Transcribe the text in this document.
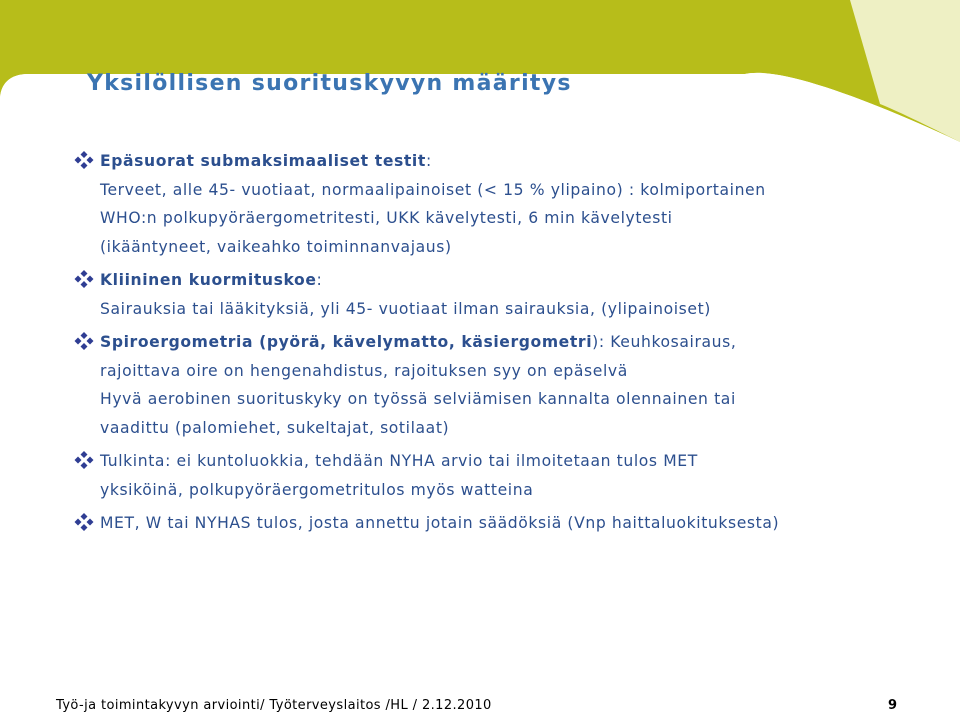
Yksilöllisen suorituskyvyn määritys
Epäsuorat submaksimaaliset testit:
Terveet, alle 45- vuotiaat, normaalipainoiset (< 15 % ylipaino) : kolmiportainen
WHO:n polkupyöräergometritesti, UKK kävelytesti, 6 min kävelytesti
(ikääntyneet, vaikeahko toiminnanvajaus)
Kliininen kuormituskoe:
Sairauksia tai lääkityksiä, yli 45- vuotiaat ilman sairauksia, (ylipainoiset)
Spiroergometria (pyörä, kävelymatto, käsiergometri): Keuhkosairaus,
rajoittava oire on hengenahdistus, rajoituksen syy on epäselvä
Hyvä aerobinen suorituskyky on työssä selviämisen kannalta olennainen tai
vaadittu (palomiehet, sukeltajat, sotilaat)
Tulkinta: ei kuntoluokkia, tehdään NYHA arvio tai ilmoitetaan tulos MET
yksiköinä, polkupyöräergometritulos myös watteina
MET, W tai NYHAS tulos, josta annettu jotain säädöksiä (Vnp haittaluokituksesta)
Työ-ja toimintakyvyn arviointi/ Työterveyslaitos /HL / 2.12.2010	9
